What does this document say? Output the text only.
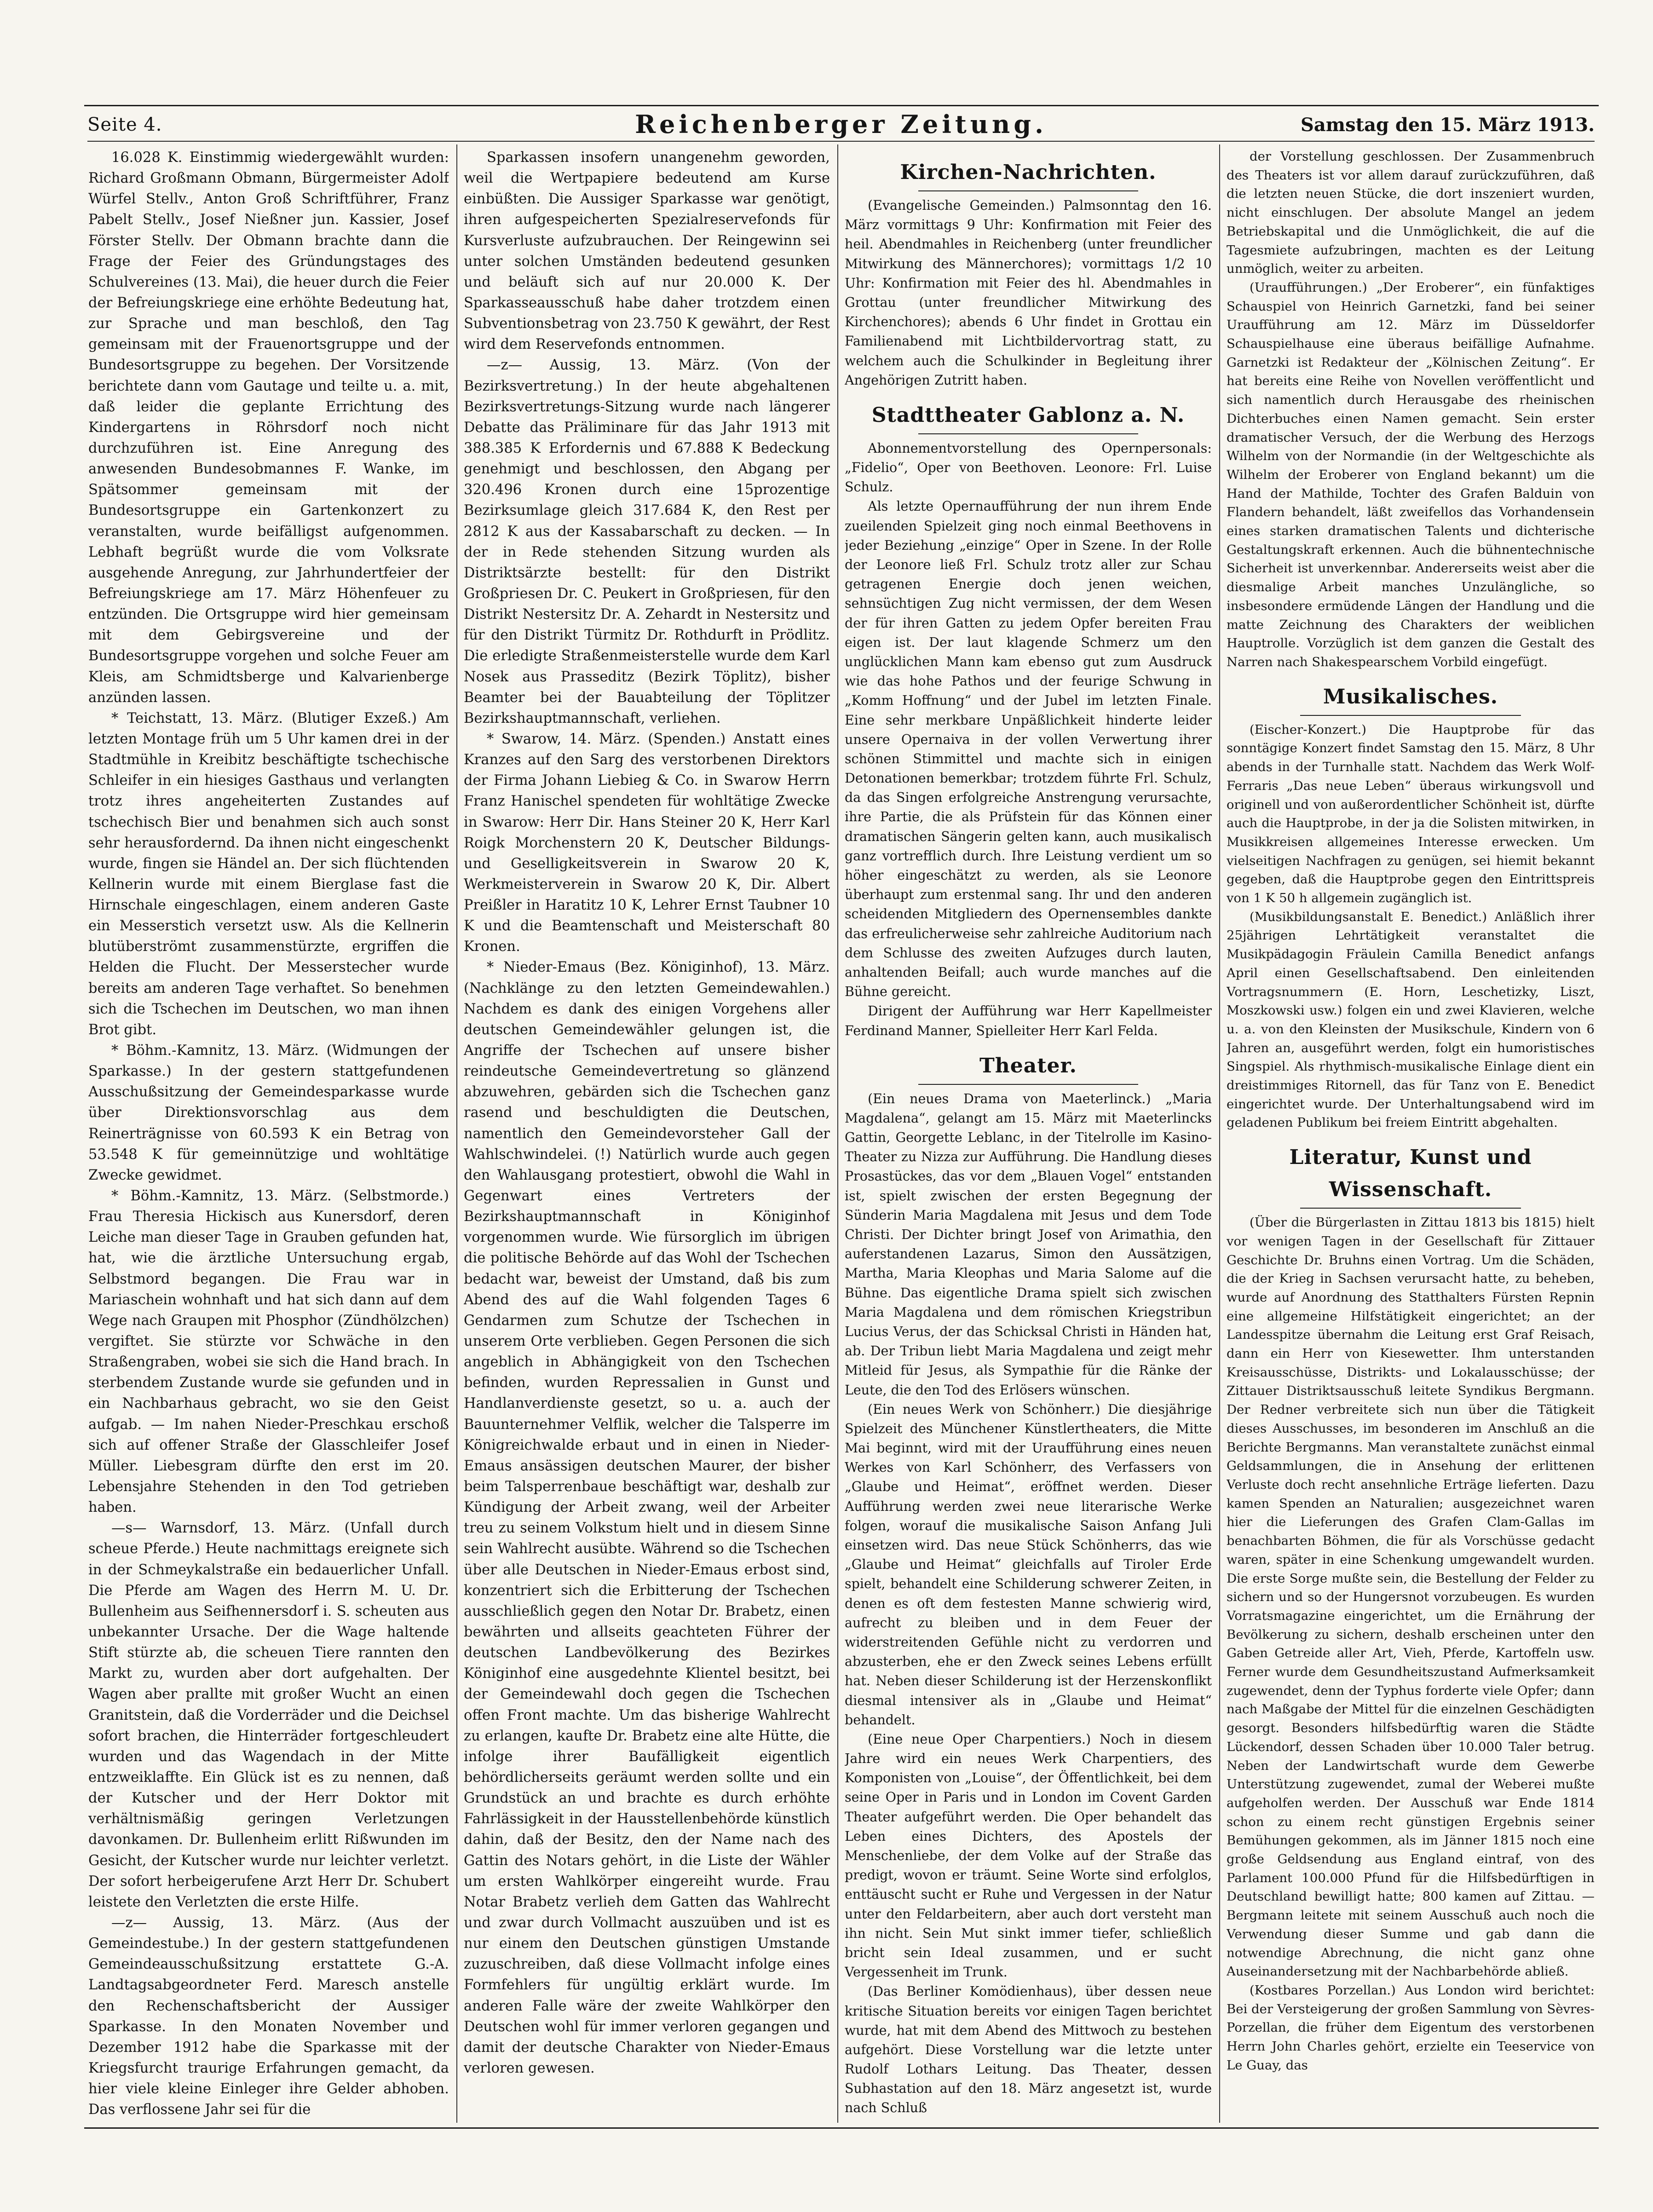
Seite 4.	Reichenberger Zeitung.	Samstag den 15. März 1913.

16.028 K. Einstimmig wiedergewählt wurden: Richard Großmann Obmann, Bürgermeister Adolf Würfel Stellv., Anton Groß Schriftführer, Franz Pabelt Stellv., Josef Nießner jun. Kassier, Josef Förster Stellv. Der Obmann brachte dann die Frage der Feier des Gründungstages des Schulvereines (13. Mai), die heuer durch die Feier der Befreiungskriege eine erhöhte Bedeutung hat, zur Sprache und man beschloß, den Tag gemeinsam mit der Frauenortsgruppe und der Bundesortsgruppe zu begehen. Der Vorsitzende berichtete dann vom Gautage und teilte u. a. mit, daß leider die geplante Errichtung des Kindergartens in Röhrsdorf noch nicht durchzuführen ist. Eine Anregung des anwesenden Bundesobmannes F. Wanke, im Spätsommer gemeinsam mit der Bundesortsgruppe ein Gartenkonzert zu veranstalten, wurde beifälligst aufgenommen. Lebhaft begrüßt wurde die vom Volksrate ausgehende Anregung, zur Jahrhundertfeier der Befreiungskriege am 17. März Höhenfeuer zu entzünden. Die Ortsgruppe wird hier gemeinsam mit dem Gebirgsvereine und der Bundesortsgruppe vorgehen und solche Feuer am Kleis, am Schmidtsberge und Kalvarienberge anzünden lassen.

* Teichstatt, 13. März. (Blutiger Exzeß.) Am letzten Montage früh um 5 Uhr kamen drei in der Stadtmühle in Kreibitz beschäftigte tschechische Schleifer in ein hiesiges Gasthaus und verlangten trotz ihres angeheiterten Zustandes auf tschechisch Bier und benahmen sich auch sonst sehr herausfordernd. Da ihnen nicht eingeschenkt wurde, fingen sie Händel an. Der sich flüchtenden Kellnerin wurde mit einem Bierglase fast die Hirnschale eingeschlagen, einem anderen Gaste ein Messerstich versetzt usw. Als die Kellnerin blutüberströmt zusammenstürzte, ergriffen die Helden die Flucht. Der Messerstecher wurde bereits am anderen Tage verhaftet. So benehmen sich die Tschechen im Deutschen, wo man ihnen Brot gibt.

* Böhm.-Kamnitz, 13. März. (Widmungen der Sparkasse.) In der gestern stattgefundenen Ausschußsitzung der Gemeindesparkasse wurde über Direktionsvorschlag aus dem Reinerträgnisse von 60.593 K ein Betrag von 53.548 K für gemeinnützige und wohltätige Zwecke gewidmet.

* Böhm.-Kamnitz, 13. März. (Selbstmorde.) Frau Theresia Hickisch aus Kunersdorf, deren Leiche man dieser Tage in Grauben gefunden hat, hat, wie die ärztliche Untersuchung ergab, Selbstmord begangen. Die Frau war in Mariaschein wohnhaft und hat sich dann auf dem Wege nach Graupen mit Phosphor (Zündhölzchen) vergiftet. Sie stürzte vor Schwäche in den Straßengraben, wobei sie sich die Hand brach. In sterbendem Zustande wurde sie gefunden und in ein Nachbarhaus gebracht, wo sie den Geist aufgab. — Im nahen Nieder-Preschkau erschoß sich auf offener Straße der Glasschleifer Josef Müller. Liebesgram dürfte den erst im 20. Lebensjahre Stehenden in den Tod getrieben haben.

—s— Warnsdorf, 13. März. (Unfall durch scheue Pferde.) Heute nachmittags ereignete sich in der Schmeykalstraße ein bedauerlicher Unfall. Die Pferde am Wagen des Herrn M. U. Dr. Bullenheim aus Seifhennersdorf i. S. scheuten aus unbekannter Ursache. Der die Wage haltende Stift stürzte ab, die scheuen Tiere rannten den Markt zu, wurden aber dort aufgehalten. Der Wagen aber prallte mit großer Wucht an einen Granitstein, daß die Vorderräder und die Deichsel sofort brachen, die Hinterräder fortgeschleudert wurden und das Wagendach in der Mitte entzweiklaffte. Ein Glück ist es zu nennen, daß der Kutscher und der Herr Doktor mit verhältnismäßig geringen Verletzungen davonkamen. Dr. Bullenheim erlitt Rißwunden im Gesicht, der Kutscher wurde nur leichter verletzt. Der sofort herbeigerufene Arzt Herr Dr. Schubert leistete den Verletzten die erste Hilfe.

—z— Aussig, 13. März. (Aus der Gemeindestube.) In der gestern stattgefundenen Gemeindeausschußsitzung erstattete G.-A. Landtagsabgeordneter Ferd. Maresch anstelle den Rechenschaftsbericht der Aussiger Sparkasse. In den Monaten November und Dezember 1912 habe die Sparkasse mit der Kriegsfurcht traurige Erfahrungen gemacht, da hier viele kleine Einleger ihre Gelder abhoben. Das verflossene Jahr sei für die

Sparkassen insofern unangenehm geworden, weil die Wertpapiere bedeutend am Kurse einbüßten. Die Aussiger Sparkasse war genötigt, ihren aufgespeicherten Spezialreservefonds für Kursverluste aufzubrauchen. Der Reingewinn sei unter solchen Umständen bedeutend gesunken und beläuft sich auf nur 20.000 K. Der Sparkasseausschuß habe daher trotzdem einen Subventionsbetrag von 23.750 K gewährt, der Rest wird dem Reservefonds entnommen.

—z— Aussig, 13. März. (Von der Bezirksvertretung.) In der heute abgehaltenen Bezirksvertretungs-Sitzung wurde nach längerer Debatte das Präliminare für das Jahr 1913 mit 388.385 K Erfordernis und 67.888 K Bedeckung genehmigt und beschlossen, den Abgang per 320.496 Kronen durch eine 15prozentige Bezirksumlage gleich 317.684 K, den Rest per 2812 K aus der Kassabarschaft zu decken. — In der in Rede stehenden Sitzung wurden als Distriktsärzte bestellt: für den Distrikt Großpriesen Dr. C. Peukert in Großpriesen, für den Distrikt Nestersitz Dr. A. Zehardt in Nestersitz und für den Distrikt Türmitz Dr. Rothdurft in Prödlitz. Die erledigte Straßenmeisterstelle wurde dem Karl Nosek aus Prasseditz (Bezirk Töplitz), bisher Beamter bei der Bauabteilung der Töplitzer Bezirkshauptmannschaft, verliehen.

* Swarow, 14. März. (Spenden.) Anstatt eines Kranzes auf den Sarg des verstorbenen Direktors der Firma Johann Liebieg & Co. in Swarow Herrn Franz Hanischel spendeten für wohltätige Zwecke in Swarow: Herr Dir. Hans Steiner 20 K, Herr Karl Roigk Morchenstern 20 K, Deutscher Bildungs- und Geselligkeitsverein in Swarow 20 K, Werkmeisterverein in Swarow 20 K, Dir. Albert Preißler in Haratitz 10 K, Lehrer Ernst Taubner 10 K und die Beamtenschaft und Meisterschaft 80 Kronen.

* Nieder-Emaus (Bez. Königinhof), 13. März. (Nachklänge zu den letzten Gemeindewahlen.) Nachdem es dank des einigen Vorgehens aller deutschen Gemeindewähler gelungen ist, die Angriffe der Tschechen auf unsere bisher reindeutsche Gemeindevertretung so glänzend abzuwehren, gebärden sich die Tschechen ganz rasend und beschuldigten die Deutschen, namentlich den Gemeindevorsteher Gall der Wahlschwindelei. (!) Natürlich wurde auch gegen den Wahlausgang protestiert, obwohl die Wahl in Gegenwart eines Vertreters der Bezirkshauptmannschaft in Königinhof vorgenommen wurde. Wie fürsorglich im übrigen die politische Behörde auf das Wohl der Tschechen bedacht war, beweist der Umstand, daß bis zum Abend des auf die Wahl folgenden Tages 6 Gendarmen zum Schutze der Tschechen in unserem Orte verblieben. Gegen Personen die sich angeblich in Abhängigkeit von den Tschechen befinden, wurden Repressalien in Gunst und Handlanverdienste gesetzt, so u. a. auch der Bauunternehmer Velflik, welcher die Talsperre im Königreichwalde erbaut und in einen in Nieder-Emaus ansässigen deutschen Maurer, der bisher beim Talsperrenbaue beschäftigt war, deshalb zur Kündigung der Arbeit zwang, weil der Arbeiter treu zu seinem Volkstum hielt und in diesem Sinne sein Wahlrecht ausübte. Während so die Tschechen über alle Deutschen in Nieder-Emaus erbost sind, konzentriert sich die Erbitterung der Tschechen ausschließlich gegen den Notar Dr. Brabetz, einen bewährten und allseits geachteten Führer der deutschen Landbevölkerung des Bezirkes Königinhof eine ausgedehnte Klientel besitzt, bei der Gemeindewahl doch gegen die Tschechen offen Front machte. Um das bisherige Wahlrecht zu erlangen, kaufte Dr. Brabetz eine alte Hütte, die infolge ihrer Baufälligkeit eigentlich behördlicherseits geräumt werden sollte und ein Grundstück an und brachte es durch erhöhte Fahrlässigkeit in der Hausstellenbehörde künstlich dahin, daß der Besitz, den der Name nach des Gattin des Notars gehört, in die Liste der Wähler um ersten Wahlkörper eingereiht wurde. Frau Notar Brabetz verlieh dem Gatten das Wahlrecht und zwar durch Vollmacht auszuüben und ist es nur einem den Deutschen günstigen Umstande zuzuschreiben, daß diese Vollmacht infolge eines Formfehlers für ungültig erklärt wurde. Im anderen Falle wäre der zweite Wahlkörper den Deutschen wohl für immer verloren gegangen und damit der deutsche Charakter von Nieder-Emaus verloren gewesen.

Kirchen-Nachrichten.

(Evangelische Gemeinden.) Palmsonntag den 16. März vormittags 9 Uhr: Konfirmation mit Feier des heil. Abendmahles in Reichenberg (unter freundlicher Mitwirkung des Männerchores); vormittags 1/2 10 Uhr: Konfirmation mit Feier des hl. Abendmahles in Grottau (unter freundlicher Mitwirkung des Kirchenchores); abends 6 Uhr findet in Grottau ein Familienabend mit Lichtbildervortrag statt, zu welchem auch die Schulkinder in Begleitung ihrer Angehörigen Zutritt haben.

Stadttheater Gablonz a. N.

Abonnementvorstellung des Opernpersonals: „Fidelio“, Oper von Beethoven. Leonore: Frl. Luise Schulz.

Als letzte Opernaufführung der nun ihrem Ende zueilenden Spielzeit ging noch einmal Beethovens in jeder Beziehung „einzige“ Oper in Szene. In der Rolle der Leonore ließ Frl. Schulz trotz aller zur Schau getragenen Energie doch jenen weichen, sehnsüchtigen Zug nicht vermissen, der dem Wesen der für ihren Gatten zu jedem Opfer bereiten Frau eigen ist. Der laut klagende Schmerz um den unglücklichen Mann kam ebenso gut zum Ausdruck wie das hohe Pathos und der feurige Schwung in „Komm Hoffnung“ und der Jubel im letzten Finale. Eine sehr merkbare Unpäßlichkeit hinderte leider unsere Opernaiva in der vollen Verwertung ihrer schönen Stimmittel und machte sich in einigen Detonationen bemerkbar; trotzdem führte Frl. Schulz, da das Singen erfolgreiche Anstrengung verursachte, ihre Partie, die als Prüfstein für das Können einer dramatischen Sängerin gelten kann, auch musikalisch ganz vortrefflich durch. Ihre Leistung verdient um so höher eingeschätzt zu werden, als sie Leonore überhaupt zum erstenmal sang. Ihr und den anderen scheidenden Mitgliedern des Opernensembles dankte das erfreulicherweise sehr zahlreiche Auditorium nach dem Schlusse des zweiten Aufzuges durch lauten, anhaltenden Beifall; auch wurde manches auf die Bühne gereicht.

Dirigent der Aufführung war Herr Kapellmeister Ferdinand Manner, Spielleiter Herr Karl Felda.

Theater.

(Ein neues Drama von Maeterlinck.) „Maria Magdalena“, gelangt am 15. März mit Maeterlincks Gattin, Georgette Leblanc, in der Titelrolle im Kasino-Theater zu Nizza zur Aufführung. Die Handlung dieses Prosastückes, das vor dem „Blauen Vogel“ entstanden ist, spielt zwischen der ersten Begegnung der Sünderin Maria Magdalena mit Jesus und dem Tode Christi. Der Dichter bringt Josef von Arimathia, den auferstandenen Lazarus, Simon den Aussätzigen, Martha, Maria Kleophas und Maria Salome auf die Bühne. Das eigentliche Drama spielt sich zwischen Maria Magdalena und dem römischen Kriegstribun Lucius Verus, der das Schicksal Christi in Händen hat, ab. Der Tribun liebt Maria Magdalena und zeigt mehr Mitleid für Jesus, als Sympathie für die Ränke der Leute, die den Tod des Erlösers wünschen.

(Ein neues Werk von Schönherr.) Die diesjährige Spielzeit des Münchener Künstlertheaters, die Mitte Mai beginnt, wird mit der Uraufführung eines neuen Werkes von Karl Schönherr, des Verfassers von „Glaube und Heimat“, eröffnet werden. Dieser Aufführung werden zwei neue literarische Werke folgen, worauf die musikalische Saison Anfang Juli einsetzen wird. Das neue Stück Schönherrs, das wie „Glaube und Heimat“ gleichfalls auf Tiroler Erde spielt, behandelt eine Schilderung schwerer Zeiten, in denen es oft dem festesten Manne schwierig wird, aufrecht zu bleiben und in dem Feuer der widerstreitenden Gefühle nicht zu verdorren und abzusterben, ehe er den Zweck seines Lebens erfüllt hat. Neben dieser Schilderung ist der Herzenskonflikt diesmal intensiver als in „Glaube und Heimat“ behandelt.

(Eine neue Oper Charpentiers.) Noch in diesem Jahre wird ein neues Werk Charpentiers, des Komponisten von „Louise“, der Öffentlichkeit, bei dem seine Oper in Paris und in London im Covent Garden Theater aufgeführt werden. Die Oper behandelt das Leben eines Dichters, des Apostels der Menschenliebe, der dem Volke auf der Straße das predigt, wovon er träumt. Seine Worte sind erfolglos, enttäuscht sucht er Ruhe und Vergessen in der Natur unter den Feldarbeitern, aber auch dort versteht man ihn nicht. Sein Mut sinkt immer tiefer, schließlich bricht sein Ideal zusammen, und er sucht Vergessenheit im Trunk.

(Das Berliner Komödienhaus), über dessen neue kritische Situation bereits vor einigen Tagen berichtet wurde, hat mit dem Abend des Mittwoch zu bestehen aufgehört. Diese Vorstellung war die letzte unter Rudolf Lothars Leitung. Das Theater, dessen Subhastation auf den 18. März angesetzt ist, wurde nach Schluß

der Vorstellung geschlossen. Der Zusammenbruch des Theaters ist vor allem darauf zurückzuführen, daß die letzten neuen Stücke, die dort inszeniert wurden, nicht einschlugen. Der absolute Mangel an jedem Betriebskapital und die Unmöglichkeit, die auf die Tagesmiete aufzubringen, machten es der Leitung unmöglich, weiter zu arbeiten.

(Uraufführungen.) „Der Eroberer“, ein fünfaktiges Schauspiel von Heinrich Garnetzki, fand bei seiner Uraufführung am 12. März im Düsseldorfer Schauspielhause eine überaus beifällige Aufnahme. Garnetzki ist Redakteur der „Kölnischen Zeitung“. Er hat bereits eine Reihe von Novellen veröffentlicht und sich namentlich durch Herausgabe des rheinischen Dichterbuches einen Namen gemacht. Sein erster dramatischer Versuch, der die Werbung des Herzogs Wilhelm von der Normandie (in der Weltgeschichte als Wilhelm der Eroberer von England bekannt) um die Hand der Mathilde, Tochter des Grafen Balduin von Flandern behandelt, läßt zweifellos das Vorhandensein eines starken dramatischen Talents und dichterische Gestaltungskraft erkennen. Auch die bühnentechnische Sicherheit ist unverkennbar. Andererseits weist aber die diesmalige Arbeit manches Unzulängliche, so insbesondere ermüdende Längen der Handlung und die matte Zeichnung des Charakters der weiblichen Hauptrolle. Vorzüglich ist dem ganzen die Gestalt des Narren nach Shakespearschem Vorbild eingefügt.

Musikalisches.

(Eischer-Konzert.) Die Hauptprobe für das sonntägige Konzert findet Samstag den 15. März, 8 Uhr abends in der Turnhalle statt. Nachdem das Werk Wolf-Ferraris „Das neue Leben“ überaus wirkungsvoll und originell und von außerordentlicher Schönheit ist, dürfte auch die Hauptprobe, in der ja die Solisten mitwirken, in Musikkreisen allgemeines Interesse erwecken. Um vielseitigen Nachfragen zu genügen, sei hiemit bekannt gegeben, daß die Hauptprobe gegen den Eintrittspreis von 1 K 50 h allgemein zugänglich ist.

(Musikbildungsanstalt E. Benedict.) Anläßlich ihrer 25jährigen Lehrtätigkeit veranstaltet die Musikpädagogin Fräulein Camilla Benedict anfangs April einen Gesellschaftsabend. Den einleitenden Vortragsnummern (E. Horn, Leschetizky, Liszt, Moszkowski usw.) folgen ein und zwei Klavieren, welche u. a. von den Kleinsten der Musikschule, Kindern von 6 Jahren an, ausgeführt werden, folgt ein humoristisches Singspiel. Als rhythmisch-musikalische Einlage dient ein dreistimmiges Ritornell, das für Tanz von E. Benedict eingerichtet wurde. Der Unterhaltungsabend wird im geladenen Publikum bei freiem Eintritt abgehalten.

Literatur, Kunst und Wissenschaft.

(Über die Bürgerlasten in Zittau 1813 bis 1815) hielt vor wenigen Tagen in der Gesellschaft für Zittauer Geschichte Dr. Bruhns einen Vortrag. Um die Schäden, die der Krieg in Sachsen verursacht hatte, zu beheben, wurde auf Anordnung des Statthalters Fürsten Repnin eine allgemeine Hilfstätigkeit eingerichtet; an der Landesspitze übernahm die Leitung erst Graf Reisach, dann ein Herr von Kiesewetter. Ihm unterstanden Kreisausschüsse, Distrikts- und Lokalausschüsse; der Zittauer Distriktsausschuß leitete Syndikus Bergmann. Der Redner verbreitete sich nun über die Tätigkeit dieses Ausschusses, im besonderen im Anschluß an die Berichte Bergmanns. Man veranstaltete zunächst einmal Geldsammlungen, die in Ansehung der erlittenen Verluste doch recht ansehnliche Erträge lieferten. Dazu kamen Spenden an Naturalien; ausgezeichnet waren hier die Lieferungen des Grafen Clam-Gallas im benachbarten Böhmen, die für als Vorschüsse gedacht waren, später in eine Schenkung umgewandelt wurden. Die erste Sorge mußte sein, die Bestellung der Felder zu sichern und so der Hungersnot vorzubeugen. Es wurden Vorratsmagazine eingerichtet, um die Ernährung der Bevölkerung zu sichern, deshalb erscheinen unter den Gaben Getreide aller Art, Vieh, Pferde, Kartoffeln usw. Ferner wurde dem Gesundheitszustand Aufmerksamkeit zugewendet, denn der Typhus forderte viele Opfer; dann nach Maßgabe der Mittel für die einzelnen Geschädigten gesorgt. Besonders hilfsbedürftig waren die Städte Lückendorf, dessen Schaden über 10.000 Taler betrug. Neben der Landwirtschaft wurde dem Gewerbe Unterstützung zugewendet, zumal der Weberei mußte aufgeholfen werden. Der Ausschuß war Ende 1814 schon zu einem recht günstigen Ergebnis seiner Bemühungen gekommen, als im Jänner 1815 noch eine große Geldsendung aus England eintraf, von des Parlament 100.000 Pfund für die Hilfsbedürftigen in Deutschland bewilligt hatte; 800 kamen auf Zittau. — Bergmann leitete mit seinem Ausschuß auch noch die Verwendung dieser Summe und gab dann die notwendige Abrechnung, die nicht ganz ohne Auseinandersetzung mit der Nachbarbehörde abließ.

(Kostbares Porzellan.) Aus London wird berichtet: Bei der Versteigerung der großen Sammlung von Sèvres-Porzellan, die früher dem Eigentum des verstorbenen Herrn John Charles gehört, erzielte ein Teeservice von Le Guay, das
